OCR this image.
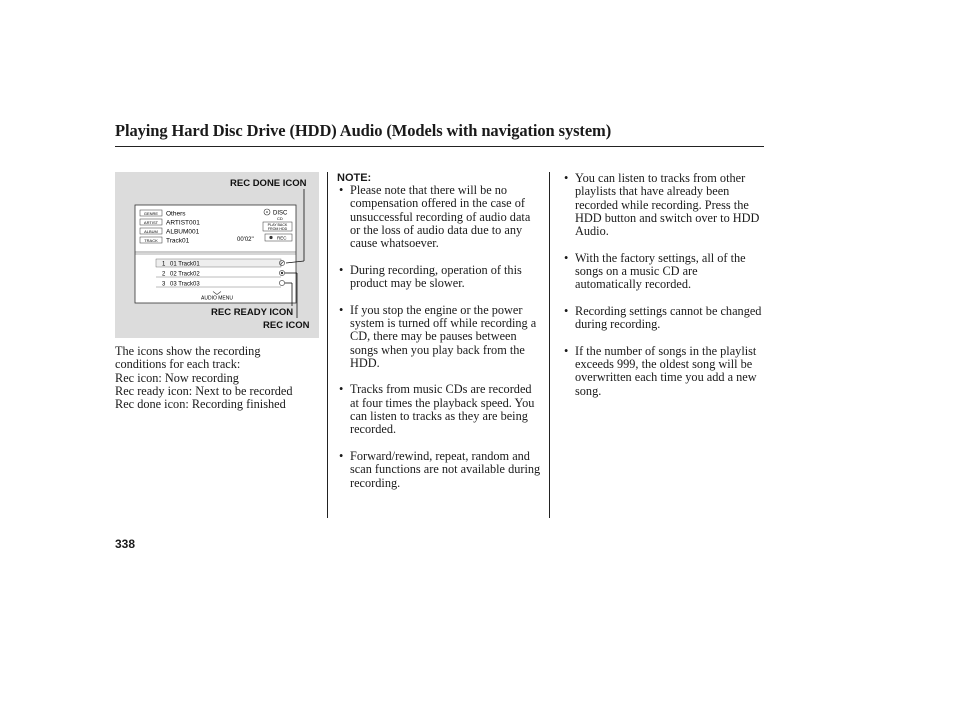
Playing Hard Disc Drive (HDD) Audio (Models with navigation system)
REC DONE ICON
REC READY ICON
REC ICON
GENRE
ARTIST
ALBUM
TRACK
Others
ARTIST001
ALBUM001
Track01
DISC
CD
PLAY BACK
FROM HDD
REC
00'02''
1 01 Track01
2 02 Track02
3 03 Track03
AUDIO MENU
The icons show the recording
conditions for each track:
Rec icon: Now recording
Rec ready icon: Next to be recorded
Rec done icon: Recording finished
NOTE:
• Please note that there will be no compensation offered in the case of unsuccessful recording of audio data or the loss of audio data due to any cause whatsoever.
• During recording, operation of this product may be slower.
• If you stop the engine or the power system is turned off while recording a CD, there may be pauses between songs when you play back from the HDD.
• Tracks from music CDs are recorded at four times the playback speed. You can listen to tracks as they are being recorded.
• Forward/rewind, repeat, random and scan functions are not available during recording.
• You can listen to tracks from other playlists that have already been recorded while recording. Press the HDD button and switch over to HDD Audio.
• With the factory settings, all of the songs on a music CD are automatically recorded.
• Recording settings cannot be changed during recording.
• If the number of songs in the playlist exceeds 999, the oldest song will be overwritten each time you add a new song.
338
